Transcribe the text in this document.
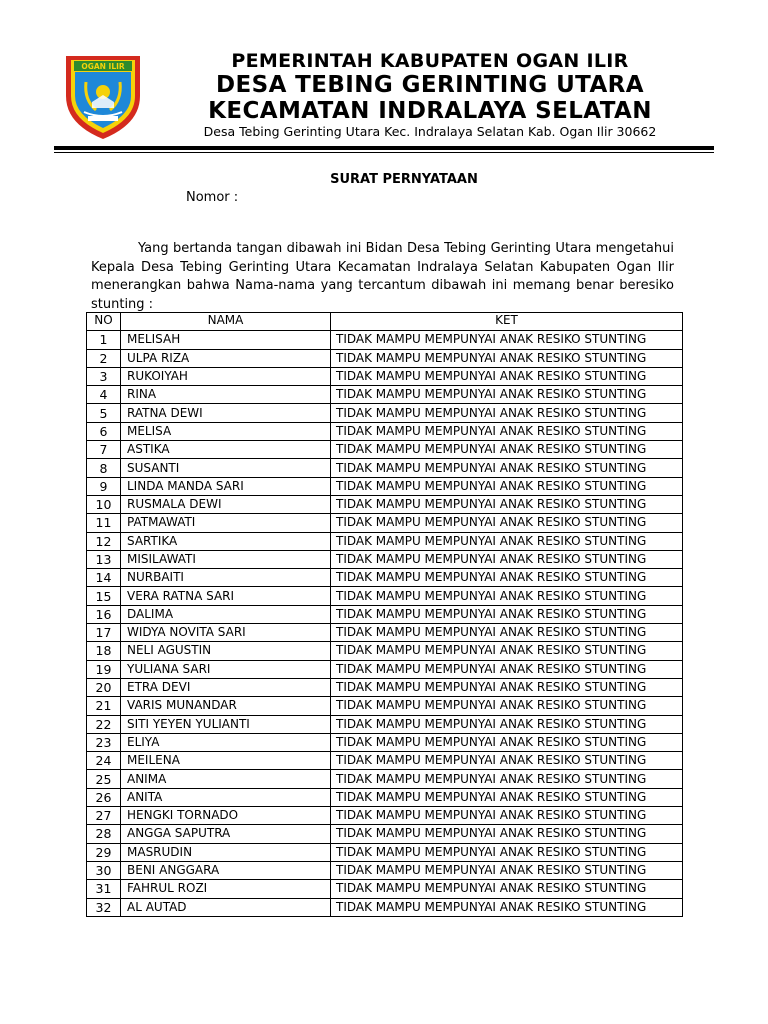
OGAN ILIR	PEMERINTAH KABUPATEN OGAN ILIR
DESA TEBING GERINTING UTARA
KECAMATAN INDRALAYA SELATAN
Desa Tebing Gerinting Utara Kec. Indralaya Selatan Kab. Ogan Ilir 30662
SURAT PERNYATAAN
Nomor :

Yang bertanda tangan dibawah ini Bidan Desa Tebing Gerinting Utara mengetahui Kepala Desa Tebing Gerinting Utara Kecamatan Indralaya Selatan Kabupaten Ogan Ilir menerangkan bahwa Nama-nama yang tercantum dibawah ini memang benar beresiko stunting :

NO	NAMA	KET
1	MELISAH	TIDAK MAMPU MEMPUNYAI ANAK RESIKO STUNTING
2	ULPA RIZA	TIDAK MAMPU MEMPUNYAI ANAK RESIKO STUNTING
3	RUKOIYAH	TIDAK MAMPU MEMPUNYAI ANAK RESIKO STUNTING
4	RINA	TIDAK MAMPU MEMPUNYAI ANAK RESIKO STUNTING
5	RATNA DEWI	TIDAK MAMPU MEMPUNYAI ANAK RESIKO STUNTING
6	MELISA	TIDAK MAMPU MEMPUNYAI ANAK RESIKO STUNTING
7	ASTIKA	TIDAK MAMPU MEMPUNYAI ANAK RESIKO STUNTING
8	SUSANTI	TIDAK MAMPU MEMPUNYAI ANAK RESIKO STUNTING
9	LINDA MANDA SARI	TIDAK MAMPU MEMPUNYAI ANAK RESIKO STUNTING
10	RUSMALA DEWI	TIDAK MAMPU MEMPUNYAI ANAK RESIKO STUNTING
11	PATMAWATI	TIDAK MAMPU MEMPUNYAI ANAK RESIKO STUNTING
12	SARTIKA	TIDAK MAMPU MEMPUNYAI ANAK RESIKO STUNTING
13	MISILAWATI	TIDAK MAMPU MEMPUNYAI ANAK RESIKO STUNTING
14	NURBAITI	TIDAK MAMPU MEMPUNYAI ANAK RESIKO STUNTING
15	VERA RATNA SARI	TIDAK MAMPU MEMPUNYAI ANAK RESIKO STUNTING
16	DALIMA	TIDAK MAMPU MEMPUNYAI ANAK RESIKO STUNTING
17	WIDYA NOVITA SARI	TIDAK MAMPU MEMPUNYAI ANAK RESIKO STUNTING
18	NELI AGUSTIN	TIDAK MAMPU MEMPUNYAI ANAK RESIKO STUNTING
19	YULIANA SARI	TIDAK MAMPU MEMPUNYAI ANAK RESIKO STUNTING
20	ETRA DEVI	TIDAK MAMPU MEMPUNYAI ANAK RESIKO STUNTING
21	VARIS MUNANDAR	TIDAK MAMPU MEMPUNYAI ANAK RESIKO STUNTING
22	SITI YEYEN YULIANTI	TIDAK MAMPU MEMPUNYAI ANAK RESIKO STUNTING
23	ELIYA	TIDAK MAMPU MEMPUNYAI ANAK RESIKO STUNTING
24	MEILENA	TIDAK MAMPU MEMPUNYAI ANAK RESIKO STUNTING
25	ANIMA	TIDAK MAMPU MEMPUNYAI ANAK RESIKO STUNTING
26	ANITA	TIDAK MAMPU MEMPUNYAI ANAK RESIKO STUNTING
27	HENGKI TORNADO	TIDAK MAMPU MEMPUNYAI ANAK RESIKO STUNTING
28	ANGGA SAPUTRA	TIDAK MAMPU MEMPUNYAI ANAK RESIKO STUNTING
29	MASRUDIN	TIDAK MAMPU MEMPUNYAI ANAK RESIKO STUNTING
30	BENI ANGGARA	TIDAK MAMPU MEMPUNYAI ANAK RESIKO STUNTING
31	FAHRUL ROZI	TIDAK MAMPU MEMPUNYAI ANAK RESIKO STUNTING
32	AL AUTAD	TIDAK MAMPU MEMPUNYAI ANAK RESIKO STUNTING
